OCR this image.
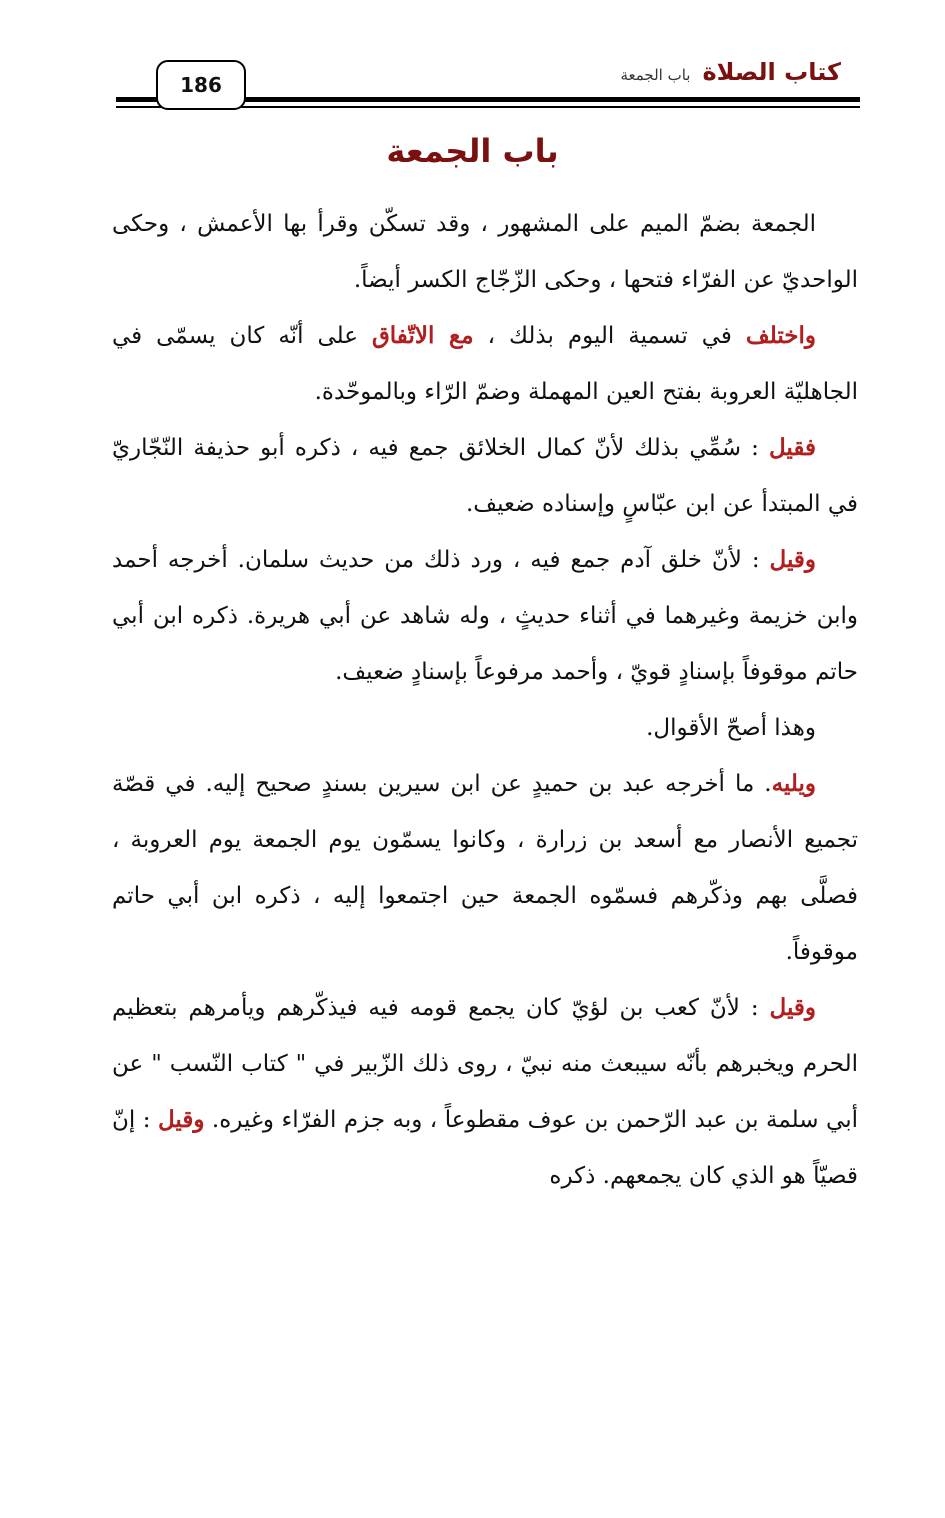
186	كتاب الصلاة
باب الجمعة
باب الجمعة

الجمعة بضمّ الميم على المشهور ، وقد تسكّن وقرأ بها الأعمش ، وحكى الواحديّ عن الفرّاء فتحها ، وحكى الزّجّاج الكسر أيضاً.

واختلف في تسمية اليوم بذلك ، مع الاتّفاق على أنّه كان يسمّى في الجاهليّة العروبة بفتح العين المهملة وضمّ الرّاء وبالموحّدة.

فقيل : سُمِّي بذلك لأنّ كمال الخلائق جمع فيه ، ذكره أبو حذيفة النّجّاريّ في المبتدأ عن ابن عبّاسٍ وإسناده ضعيف.

وقيل : لأنّ خلق آدم جمع فيه ، ورد ذلك من حديث سلمان. أخرجه أحمد وابن خزيمة وغيرهما في أثناء حديثٍ ، وله شاهد عن أبي هريرة. ذكره ابن أبي حاتم موقوفاً بإسنادٍ قويّ ، وأحمد مرفوعاً بإسنادٍ ضعيف.

وهذا أصحّ الأقوال.

ويليه. ما أخرجه عبد بن حميدٍ عن ابن سيرين بسندٍ صحيح إليه. في قصّة تجميع الأنصار مع أسعد بن زرارة ، وكانوا يسمّون يوم الجمعة يوم العروبة ، فصلَّى بهم وذكّرهم فسمّوه الجمعة حين اجتمعوا إليه ، ذكره ابن أبي حاتم موقوفاً.

وقيل : لأنّ كعب بن لؤيّ كان يجمع قومه فيه فيذكّرهم ويأمرهم بتعظيم الحرم ويخبرهم بأنّه سيبعث منه نبيّ ، روى ذلك الزّبير في " كتاب النّسب " عن أبي سلمة بن عبد الرّحمن بن عوف مقطوعاً ، وبه جزم الفرّاء وغيره. وقيل : إنّ قصيّاً هو الذي كان يجمعهم. ذكره
